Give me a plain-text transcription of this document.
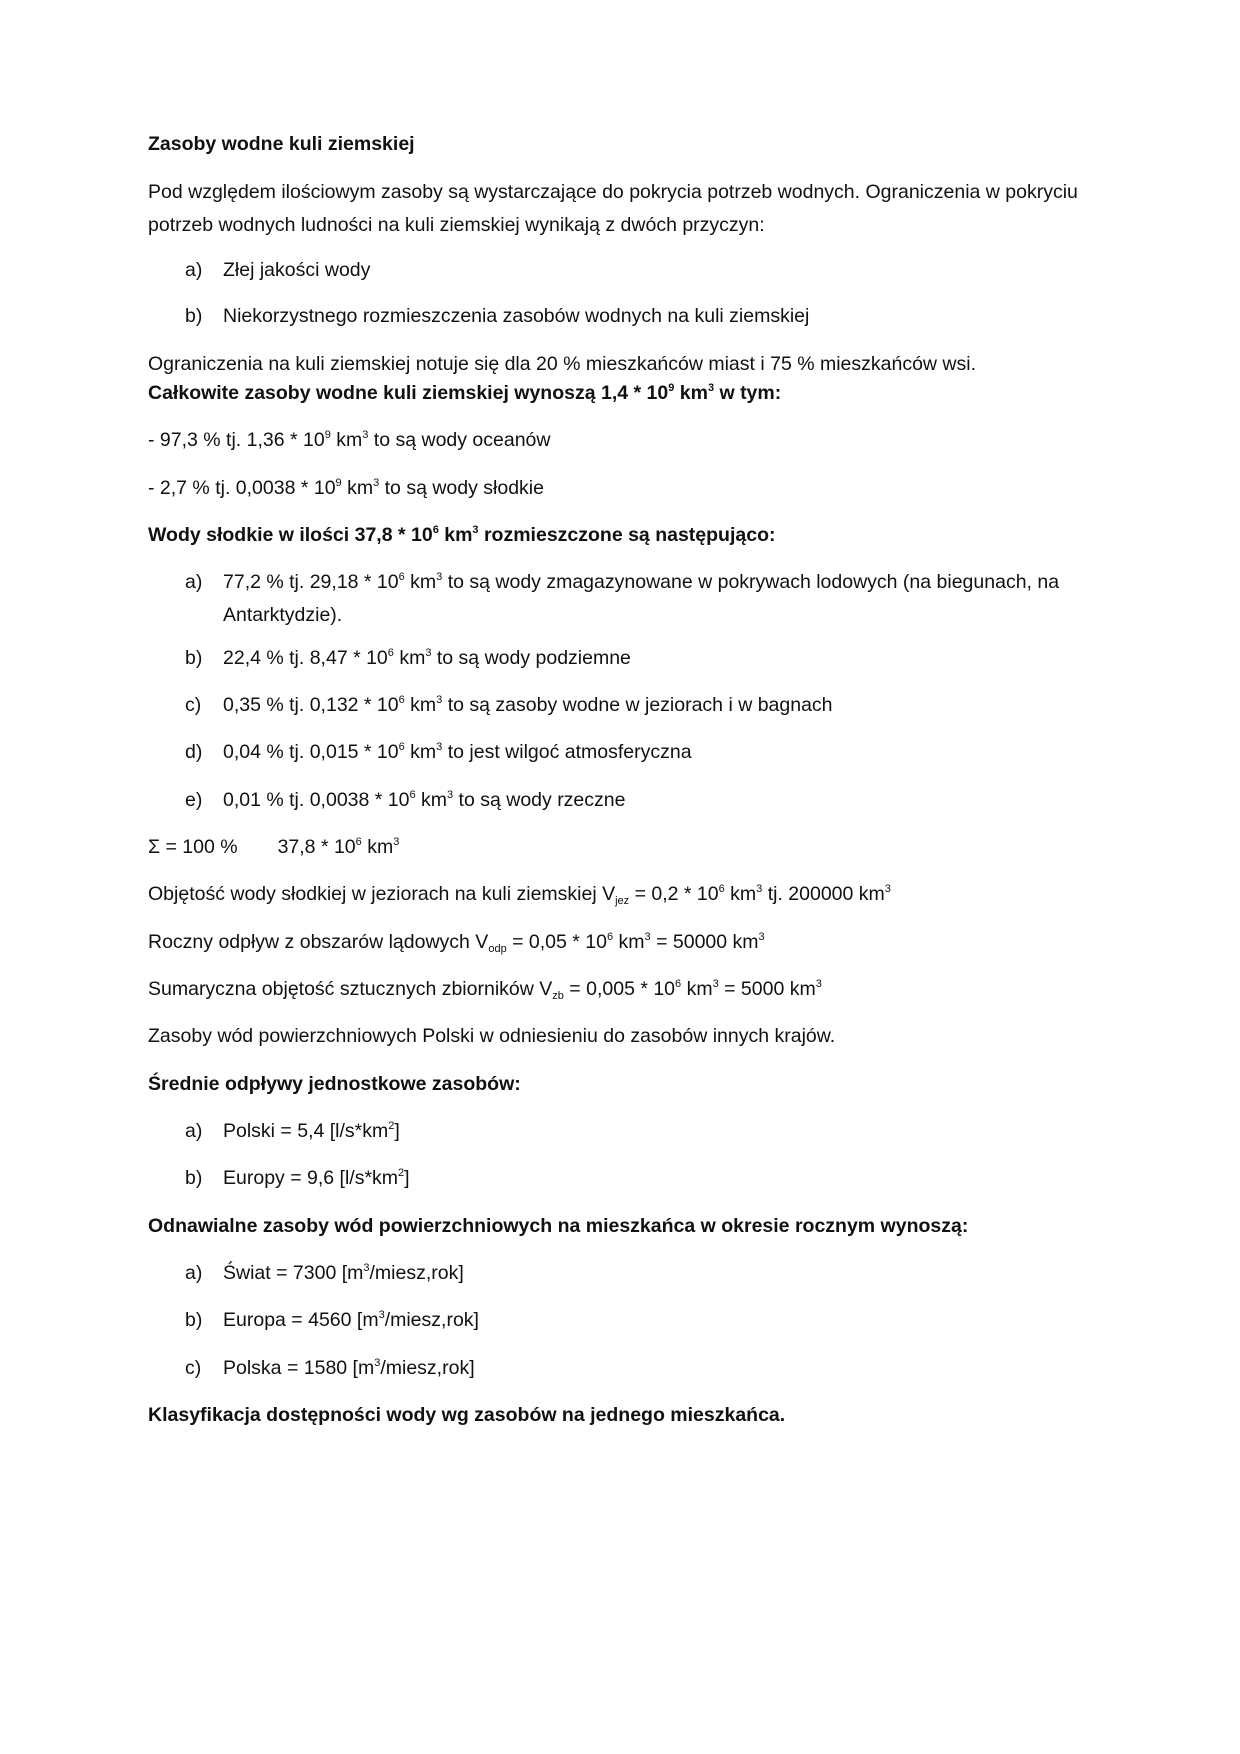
Zasoby wodne kuli ziemskiej
Pod względem ilościowym zasoby są wystarczające do pokrycia potrzeb wodnych. Ograniczenia w pokryciu potrzeb wodnych ludności na kuli ziemskiej wynikają z dwóch przyczyn:
a) Złej jakości wody
b) Niekorzystnego rozmieszczenia zasobów wodnych na kuli ziemskiej
Ograniczenia na kuli ziemskiej notuje się dla 20 % mieszkańców miast i 75 % mieszkańców wsi.
Całkowite zasoby wodne kuli ziemskiej wynoszą $1,4 * 10^9$ $km^3$ w tym:
- 97,3 % tj. $1,36 * 10^9$ $km^3$ to są wody oceanów
- 2,7 % tj. $0,0038 * 10^9$ $km^3$ to są wody słodkie
Wody słodkie w ilości $37,8 * 10^6$ $km^3$ rozmieszczone są następująco:
a) 77,2 % tj. $29,18 * 10^6$ $km^3$ to są wody zmagazynowane w pokrywach lodowych (na biegunach, na Antarktydzie).
b) 22,4 % tj. $8,47 * 10^6$ $km^3$ to są wody podziemne
c) 0,35 % tj. $0,132 * 10^6$ $km^3$ to są zasoby wodne w jeziorach i w bagnach
d) 0,04 % tj. $0,015 * 10^6$ $km^3$ to jest wilgoć atmosferyczna
e) 0,01 % tj. $0,0038 * 10^6$ $km^3$ to są wody rzeczne
Σ = 100 % $37,8 * 10^6$ $km^3$
Objętość wody słodkiej w jeziorach na kuli ziemskiej $V_{jez} = 0,2 * 10^6$ $km^3$ tj. 200000 $km^3$
Roczny odpływ z obszarów lądowych $V_{odp} = 0,05 * 10^6$ $km^3 = 50000$ $km^3$
Sumaryczna objętość sztucznych zbiorników $V_{zb} = 0,005 * 10^6$ $km^3 = 5000$ $km^3$
Zasoby wód powierzchniowych Polski w odniesieniu do zasobów innych krajów.
Średnie odpływy jednostkowe zasobów:
a) Polski = 5,4 $[l/s*km^2]$
b) Europy = 9,6 $[l/s*km^2]$
Odnawialne zasoby wód powierzchniowych na mieszkańca w okresie rocznym wynoszą:
a) Świat = 7300 $[m^3/miesz,rok]$
b) Europa = 4560 $[m^3/miesz,rok]$
c) Polska = 1580 $[m^3/miesz,rok]$
Klasyfikacja dostępności wody wg zasobów na jednego mieszkańca.
